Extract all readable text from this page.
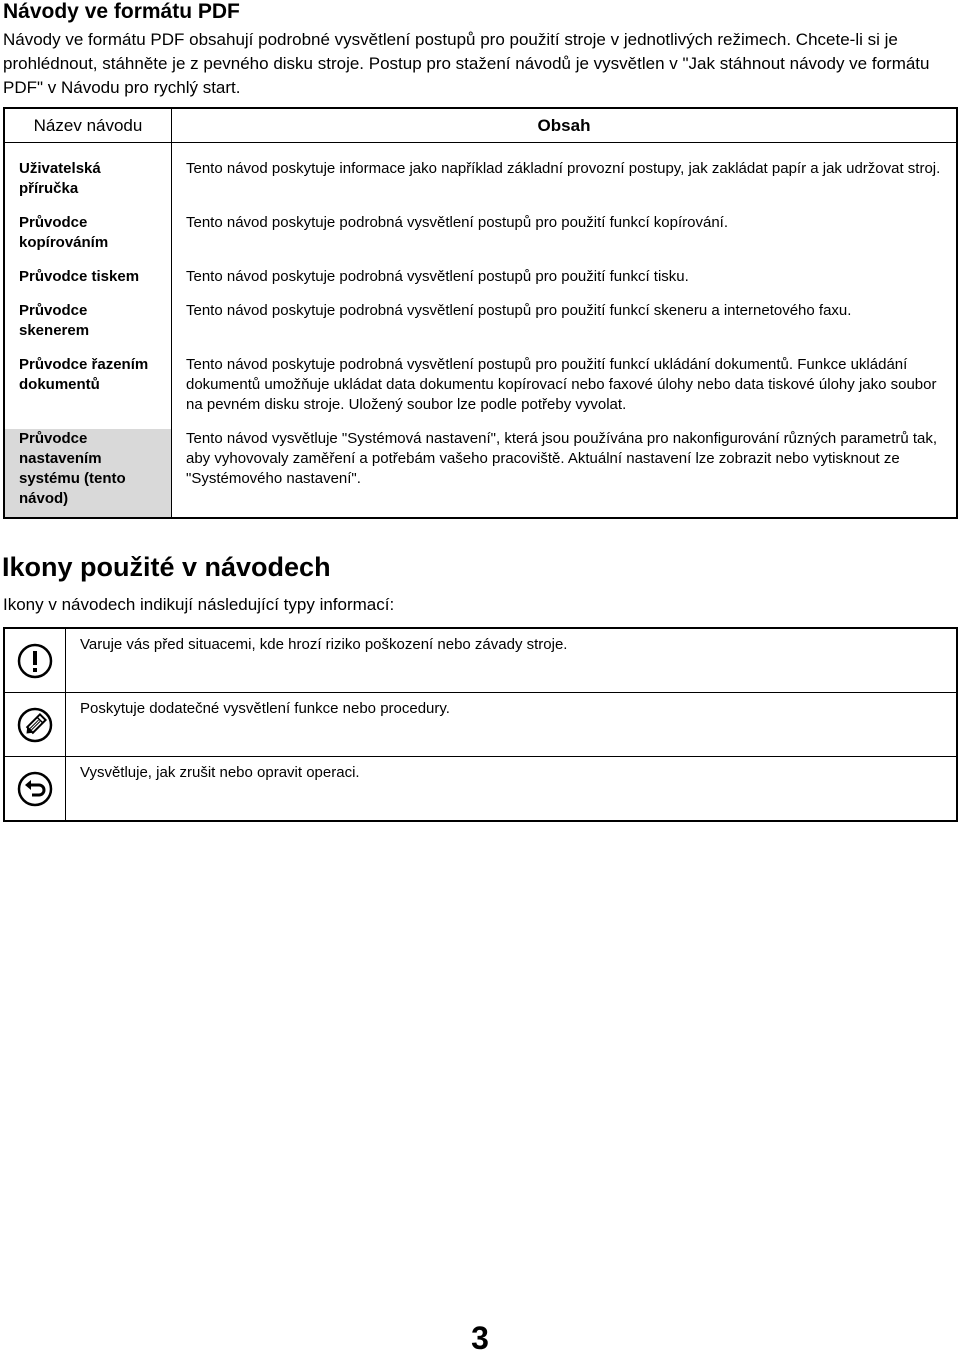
Návody ve formátu PDF

Návody ve formátu PDF obsahují podrobné vysvětlení postupů pro použití stroje v jednotlivých režimech. Chcete-li si je prohlédnout, stáhněte je z pevného disku stroje. Postup pro stažení návodů je vysvětlen v "Jak stáhnout návody ve formátu PDF" v Návodu pro rychlý start.

Název návodu	Obsah
Uživatelská příručka	Tento návod poskytuje informace jako například základní provozní postupy, jak zakládat papír a jak udržovat stroj.
Průvodce kopírováním	Tento návod poskytuje podrobná vysvětlení postupů pro použití funkcí kopírování.
Průvodce tiskem	Tento návod poskytuje podrobná vysvětlení postupů pro použití funkcí tisku.
Průvodce skenerem	Tento návod poskytuje podrobná vysvětlení postupů pro použití funkcí skeneru a internetového faxu.
Průvodce řazením dokumentů	Tento návod poskytuje podrobná vysvětlení postupů pro použití funkcí ukládání dokumentů. Funkce ukládání dokumentů umožňuje ukládat data dokumentu kopírovací nebo faxové úlohy nebo data tiskové úlohy jako soubor na pevném disku stroje. Uložený soubor lze podle potřeby vyvolat.
Průvodce nastavením systému (tento návod)	Tento návod vysvětluje "Systémová nastavení", která jsou používána pro nakonfigurování různých parametrů tak, aby vyhovovaly zaměření a potřebám vašeho pracoviště. Aktuální nastavení lze zobrazit nebo vytisknout ze "Systémového nastavení".
Ikony použité v návodech

Ikony v návodech indikují následující typy informací:

	Varuje vás před situacemi, kde hrozí riziko poškození nebo závady stroje.

	Poskytuje dodatečné vysvětlení funkce nebo procedury.

	Vysvětluje, jak zrušit nebo opravit operaci.
3
